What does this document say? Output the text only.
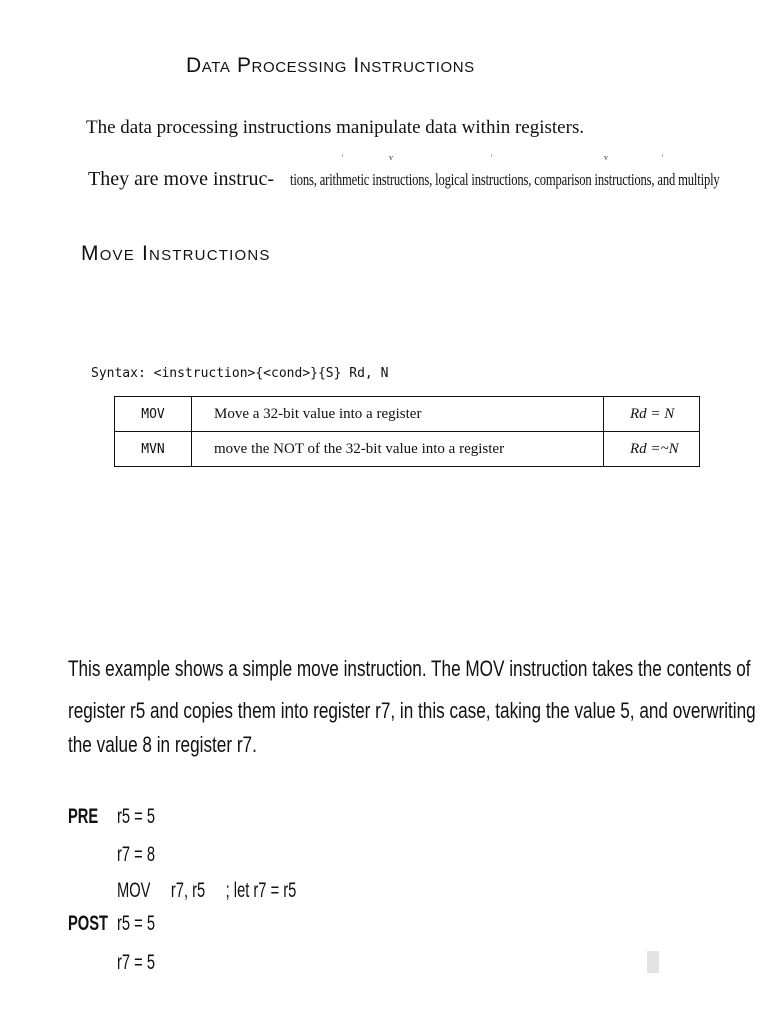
Data Processing Instructions
The data processing instructions manipulate data within registers.
They are move instruc- tions, arithmetic instructions, logical instructions, comparison instructions, and multiply
'	v	'	v	'
Move Instructions
Syntax: <instruction>{<cond>}{S} Rd, N
MOV	Move a 32-bit value into a register	Rd = N
MVN	move the NOT of the 32-bit value into a register	Rd =~N
This example shows a simple move instruction. The MOV instruction takes the contents of
register r5 and copies them into register r7, in this case, taking the value 5, and overwriting
the value 8 in register r7.
PRE r5 = 5
r7 = 8
MOV     r7, r5     ; let r7 = r5
POST r5 = 5
r7 = 5
